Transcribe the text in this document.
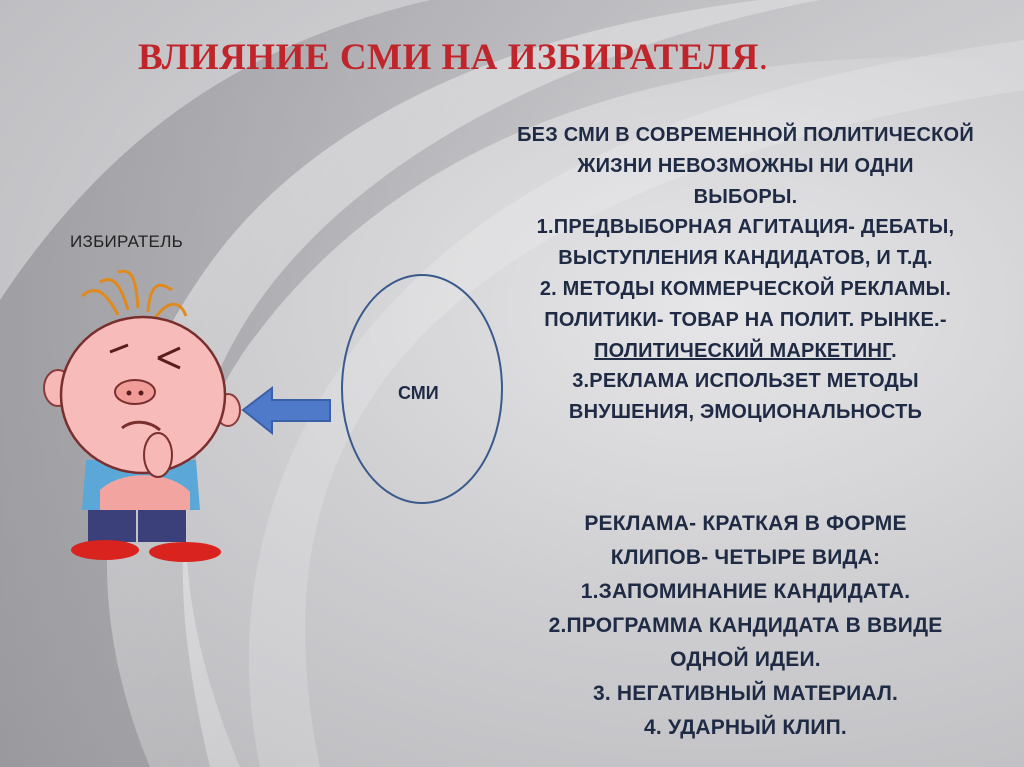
ВЛИЯНИЕ СМИ НА ИЗБИРАТЕЛЯ.
ИЗБИРАТЕЛЬ
СМИ

БЕЗ СМИ В СОВРЕМЕННОЙ ПОЛИТИЧЕСКОЙ

ЖИЗНИ НЕВОЗМОЖНЫ НИ ОДНИ

ВЫБОРЫ.

1.ПРЕДВЫБОРНАЯ АГИТАЦИЯ- ДЕБАТЫ,

ВЫСТУПЛЕНИЯ КАНДИДАТОВ, И Т.Д.

2. МЕТОДЫ КОММЕРЧЕСКОЙ РЕКЛАМЫ.

ПОЛИТИКИ- ТОВАР НА ПОЛИТ. РЫНКЕ.-

ПОЛИТИЧЕСКИЙ МАРКЕТИНГ.

3.РЕКЛАМА ИСПОЛЬЗЕТ МЕТОДЫ

ВНУШЕНИЯ, ЭМОЦИОНАЛЬНОСТЬ

РЕКЛАМА- КРАТКАЯ В ФОРМЕ

КЛИПОВ- ЧЕТЫРЕ ВИДА:

1.ЗАПОМИНАНИЕ КАНДИДАТА.

2.ПРОГРАММА КАНДИДАТА В ВВИДЕ

ОДНОЙ ИДЕИ.

3. НЕГАТИВНЫЙ МАТЕРИАЛ.

4. УДАРНЫЙ КЛИП.
